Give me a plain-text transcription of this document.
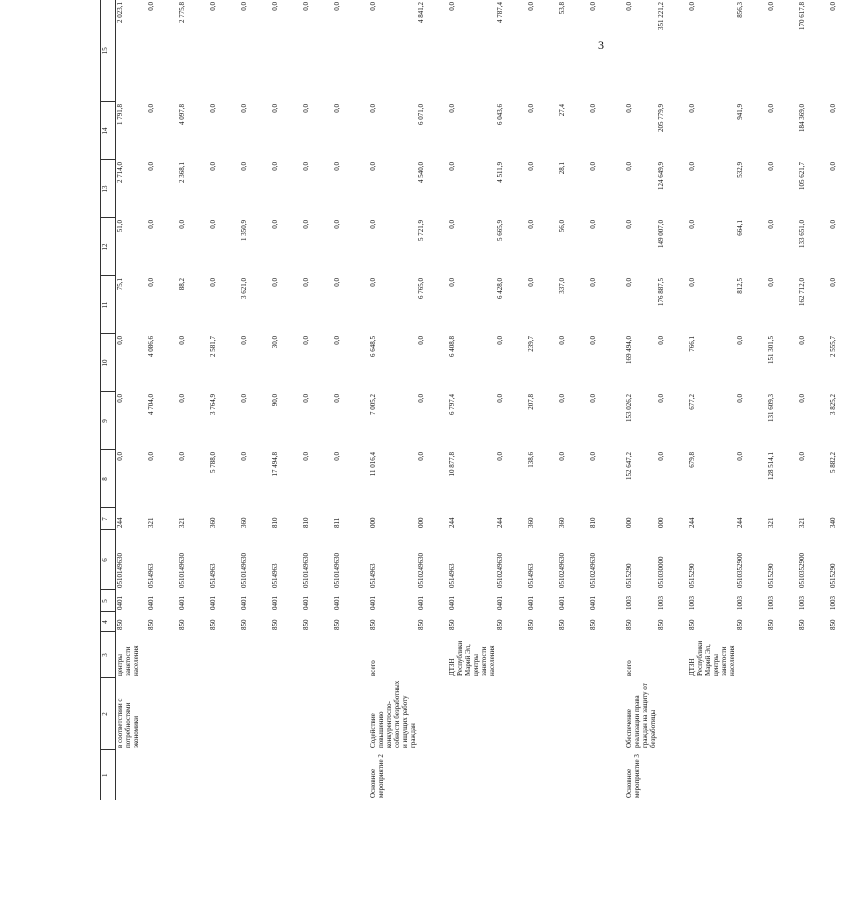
3
1	2	3	4	5	6	7	8	9	10	11	12	13	14	15
	в соответствии с потребностями экономики	центры занятости населения	850	0401	0510149630	244	0,0	0,0	0,0	75,1	51,0	2 714,0	1 791,8	2 023,1
			850	0401	0514963	321	0,0	4 704,0	4 086,6	0,0	0,0	0,0	0,0	0,0
			850	0401	0510149630	321	0,0	0,0	0,0	88,2	0,0	2 368,1	4 097,8	2 775,8
			850	0401	0514963	360	5 788,0	3 764,9	2 581,7	0,0	0,0	0,0	0,0	0,0
			850	0401	0510149630	360	0,0	0,0	0,0	3 621,0	1 350,9	0,0	0,0	0,0
			850	0401	0514963	810	17 494,8	90,0	30,0	0,0	0,0	0,0	0,0	0,0
			850	0401	0510149630	810	0,0	0,0	0,0	0,0	0,0	0,0	0,0	0,0
			850	0401	0510149630	811	0,0	0,0	0,0	0,0	0,0	0,0	0,0	0,0
Основное мероприятие 2	Содействие повышению конкурентоспо-собности безработных и ищущих работу граждан	всего	850	0401	0514963	000	11 016,4	7 005,2	6 648,5	0,0	0,0	0,0	0,0	0,0
			850	0401	0510249630	000	0,0	0,0	0,0	6 765,0	5 721,9	4 540,0	6 071,0	4 841,2
		ДТЗН Республики Марий Эл, центры занятости населения	850	0401	0514963	244	10 877,8	6 797,4	6 408,8	0,0	0,0	0,0	0,0	0,0
			850	0401	0510249630	244	0,0	0,0	0,0	6 428,0	5 665,9	4 511,9	6 043,6	4 787,4
			850	0401	0514963	360	138,6	207,8	239,7	0,0	0,0	0,0	0,0	0,0
			850	0401	0510249630	360	0,0	0,0	0,0	337,0	56,0	28,1	27,4	53,8
			850	0401	0510249630	810	0,0	0,0	0,0	0,0	0,0	0,0	0,0	0,0
Основное мероприятие 3	Обеспечение реализации права граждан на защиту от безработицы	всего	850	1003	0515290	000	152 647,2	153 026,2	169 494,0	0,0	0,0	0,0	0,0	0,0
			850	1003	051030000	000	0,0	0,0	0,0	176 887,5	149 007,0	124 649,9	205 779,9	351 221,2
		ДТЗН Республики Марий Эл, центры занятости населения	850	1003	0515290	244	679,8	677,2	766,1	0,0	0,0	0,0	0,0	0,0
			850	1003	0510352900	244	0,0	0,0	0,0	812,5	664,1	532,9	941,9	856,3
			850	1003	0515290	321	128 514,1	131 609,3	151 301,5	0,0	0,0	0,0	0,0	0,0
			850	1003	0510352900	321	0,0	0,0	0,0	162 712,0	133 651,0	105 621,7	184 369,0	170 617,8
			850	1003	0515290	340	5 882,2	3 825,2	2 555,7	0,0	0,0	0,0	0,0	0,0
